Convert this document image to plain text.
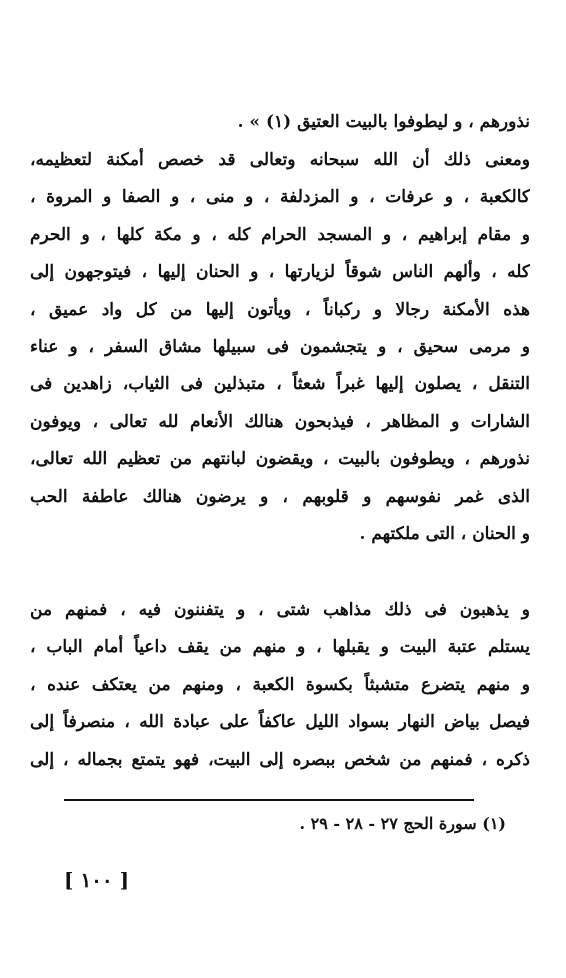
نذورهم ، و ليطوفوا بالبيت العتيق (١) » .
ومعنى ذلك أن الله سبحانه وتعالى قد خصص أمكنة لتعظيمه،
كالكعبة ، و عرفات ، و المزدلفة ، و منى ، و الصفا و المروة ،
و مقام إبراهيم ، و المسجد الحرام كله ، و مكة كلها ، و الحرم
كله ، وألهم الناس شوقاً لزيارتها ، و الحنان إليها ، فيتوجهون إلى
هذه الأمكنة رجالا و ركباناً ، ويأتون إليها من كل واد عميق ،
و مرمى سحيق ، و يتجشمون فى سبيلها مشاق السفر ، و عناء
التنقل ، يصلون إليها غبراً شعثاً ، متبذلين فى الثياب، زاهدين فى
الشارات و المظاهر ، فيذبحون هنالك الأنعام لله تعالى ، ويوفون
نذورهم ، ويطوفون بالبيت ، ويقضون لبانتهم من تعظيم الله تعالى،
الذى غمر نفوسهم و قلوبهم ، و يرضون هنالك عاطفة الحب
و الحنان ، التى ملكتهم .
و يذهبون فى ذلك مذاهب شتى ، و يتفننون فيه ، فمنهم من
يستلم عتبة البيت و يقبلها ، و منهم من يقف داعياً أمام الباب ،
و منهم يتضرع متشبثاً بكسوة الكعبة ، ومنهم من يعتكف عنده ،
فيصل بياض النهار بسواد الليل عاكفاً على عبادة الله ، منصرفاً إلى
ذكره ، فمنهم من شخص ببصره إلى البيت، فهو يتمتع بجماله ، إلى
(١) سورة الحج ٢٧ - ٢٨ - ٢٩ .
[ ١٠٠ ]
